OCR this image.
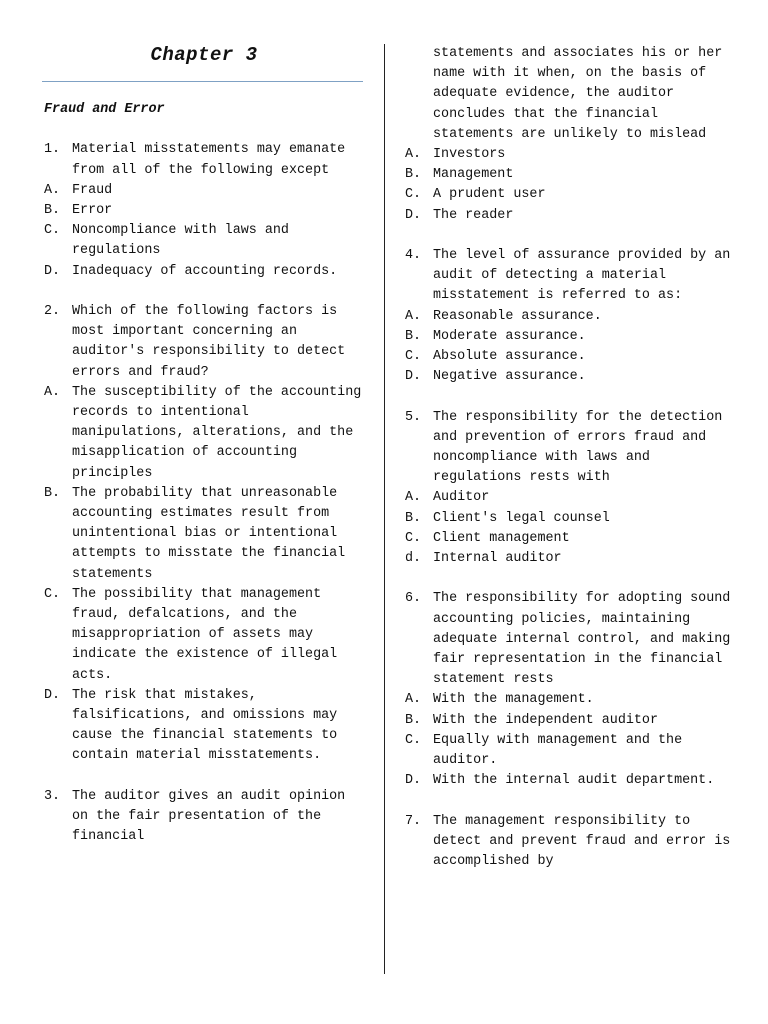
Chapter 3

Fraud and Error

1. Material misstatements may emanate from all of the following except
A. Fraud
B. Error
C. Noncompliance with laws and regulations
D. Inadequacy of accounting records.
2. Which of the following factors is most important concerning an auditor's responsibility to detect errors and fraud?
A. The susceptibility of the accounting records to intentional manipulations, alterations, and the misapplication of accounting principles
B. The probability that unreasonable accounting estimates result from unintentional bias or intentional attempts to misstate the financial statements
C. The possibility that management fraud, defalcations, and the misappropriation of assets may indicate the existence of illegal acts.
D. The risk that mistakes, falsifications, and omissions may cause the financial statements to contain material misstatements.
3. The auditor gives an audit opinion on the fair presentation of the financial

statements and associates his or her name with it when, on the basis of adequate evidence, the auditor concludes that the financial statements are unlikely to mislead

A. Investors
B. Management
C. A prudent user
D. The reader
4. The level of assurance provided by an audit of detecting a material misstatement is referred to as:
A. Reasonable assurance.
B. Moderate assurance.
C. Absolute assurance.
D. Negative assurance.
5. The responsibility for the detection and prevention of errors fraud and noncompliance with laws and regulations rests with
A. Auditor
B. Client's legal counsel
C. Client management
d. Internal auditor
6. The responsibility for adopting sound accounting policies, maintaining adequate internal control, and making fair representation in the financial statement rests
A. With the management.
B. With the independent auditor
C. Equally with management and the auditor.
D. With the internal audit department.
7. The management responsibility to detect and prevent fraud and error is accomplished by
